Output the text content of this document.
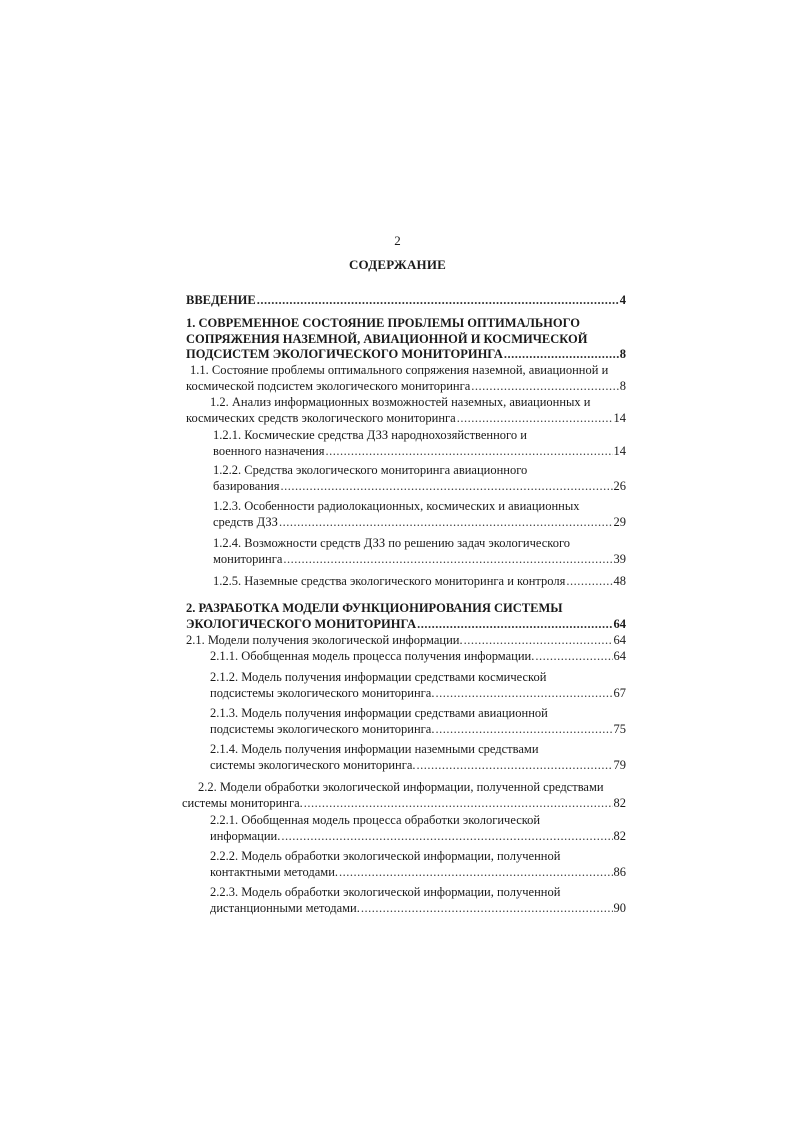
2
СОДЕРЖАНИЕ
ВВЕДЕНИЕ .....	4
1. СОВРЕМЕННОЕ СОСТОЯНИЕ ПРОБЛЕМЫ ОПТИМАЛЬНОГО
СОПРЯЖЕНИЯ НАЗЕМНОЙ, АВИАЦИОННОЙ И КОСМИЧЕСКОЙ
ПОДСИСТЕМ ЭКОЛОГИЧЕСКОГО МОНИТОРИНГА .....	8
1.1. Состояние проблемы оптимального сопряжения наземной, авиационной и
космической подсистем экологического мониторинга .....	8
1.2. Анализ информационных возможностей наземных, авиационных и
космических средств экологического мониторинга .....	14
1.2.1. Космические средства ДЗЗ народнохозяйственного и
военного назначения .....	14
1.2.2. Средства экологического мониторинга авиационного
базирования .....	26
1.2.3. Особенности радиолокационных, космических и авиационных
средств ДЗЗ .....	29
1.2.4. Возможности средств ДЗЗ по решению задач экологического
мониторинга .....	39
1.2.5. Наземные средства экологического мониторинга и контроля .....	48
2. РАЗРАБОТКА МОДЕЛИ ФУНКЦИОНИРОВАНИЯ СИСТЕМЫ
ЭКОЛОГИЧЕСКОГО МОНИТОРИНГА .....	64
2.1. Модели получения экологической информации. .....	64
2.1.1. Обобщенная модель процесса получения информации. .....	64
2.1.2. Модель получения информации средствами космической
подсистемы экологического мониторинга. .....	67
2.1.3. Модель получения информации средствами авиационной
подсистемы экологического мониторинга. .....	75
2.1.4. Модель получения информации наземными средствами
системы экологического мониторинга. .....	79
2.2. Модели обработки экологической информации, полученной средствами
системы мониторинга. .....	82
2.2.1. Обобщенная модель процесса обработки экологической
информации. .....	82
2.2.2. Модель обработки экологической информации, полученной
контактными методами. .....	86
2.2.3. Модель обработки экологической информации, полученной
дистанционными методами. .....	90
